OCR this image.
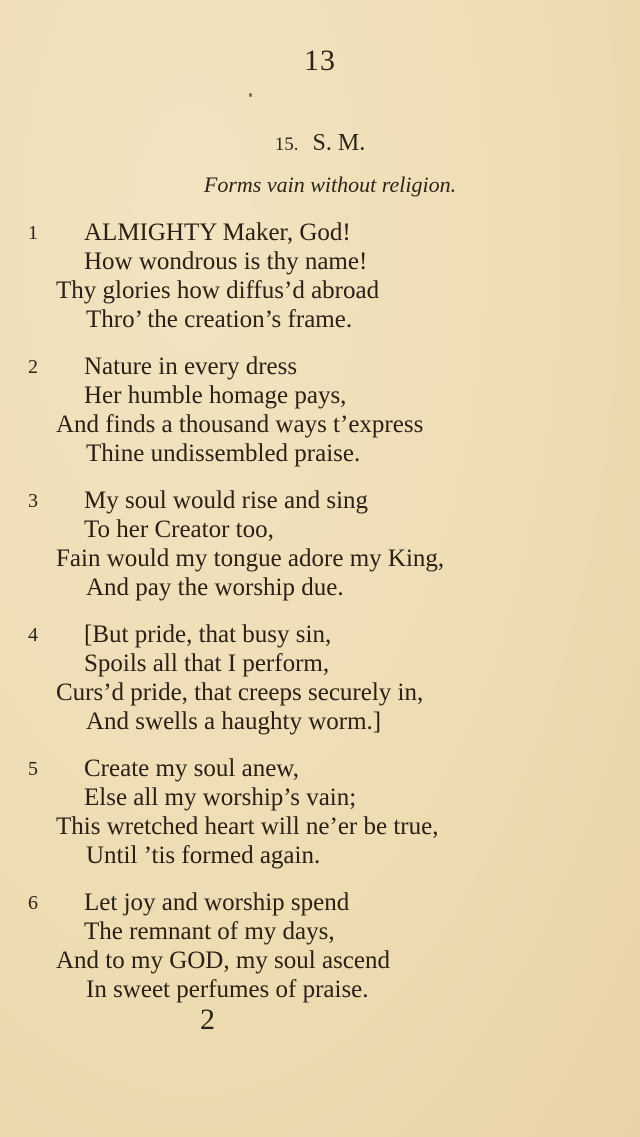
13
15. S. M.
Forms vain without religion.
1 ALMIGHTY Maker, God!
How wondrous is thy name!
Thy glories how diffus’d abroad
Thro’ the creation’s frame.
2 Nature in every dress
Her humble homage pays,
And finds a thousand ways t’express
Thine undissembled praise.
3 My soul would rise and sing
To her Creator too,
Fain would my tongue adore my King,
And pay the worship due.
4 [But pride, that busy sin,
Spoils all that I perform,
Curs’d pride, that creeps securely in,
And swells a haughty worm.]
5 Create my soul anew,
Else all my worship’s vain;
This wretched heart will ne’er be true,
Until ’tis formed again.
6 Let joy and worship spend
The remnant of my days,
And to my GOD, my soul ascend
In sweet perfumes of praise.
2
